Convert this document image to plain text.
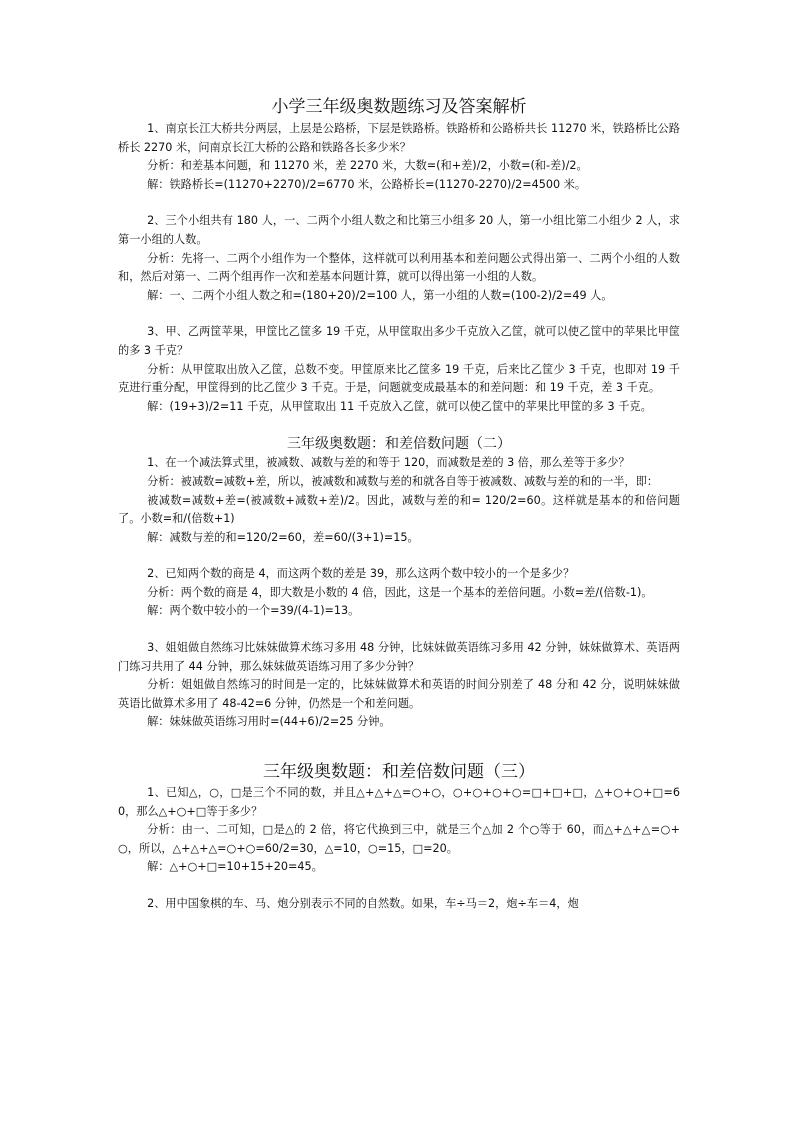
小学三年级奥数题练习及答案解析

1、南京长江大桥共分两层，上层是公路桥，下层是铁路桥。铁路桥和公路桥共长 11270 米，铁路桥比公路桥长 2270 米，问南京长江大桥的公路和铁路各长多少米？

分析：和差基本问题，和 11270 米，差 2270 米，大数=(和+差)/2，小数=(和-差)/2。

解：铁路桥长=(11270+2270)/2=6770 米，公路桥长=(11270-2270)/2=4500 米。

2、三个小组共有 180 人，一、二两个小组人数之和比第三小组多 20 人，第一小组比第二小组少 2 人，求第一小组的人数。

分析：先将一、二两个小组作为一个整体，这样就可以利用基本和差问题公式得出第一、二两个小组的人数和，然后对第一、二两个组再作一次和差基本问题计算，就可以得出第一小组的人数。

解：一、二两个小组人数之和=(180+20)/2=100 人，第一小组的人数=(100-2)/2=49 人。

3、甲、乙两筐苹果，甲筐比乙筐多 19 千克，从甲筐取出多少千克放入乙筐，就可以使乙筐中的苹果比甲筐的多 3 千克？

分析：从甲筐取出放入乙筐，总数不变。甲筐原来比乙筐多 19 千克，后来比乙筐少 3 千克，也即对 19 千克进行重分配，甲筐得到的比乙筐少 3 千克。于是，问题就变成最基本的和差问题：和 19 千克，差 3 千克。

解：(19+3)/2=11 千克，从甲筐取出 11 千克放入乙筐，就可以使乙筐中的苹果比甲筐的多 3 千克。

三年级奥数题：和差倍数问题（二）

1、在一个减法算式里，被减数、减数与差的和等于 120，而减数是差的 3 倍，那么差等于多少？

分析：被减数=减数+差，所以，被减数和减数与差的和就各自等于被减数、减数与差的和的一半，即：

被减数=减数+差=(被减数+减数+差)/2。因此，减数与差的和= 120/2=60。这样就是基本的和倍问题了。小数=和/(倍数+1)

解：减数与差的和=120/2=60，差=60/(3+1)=15。

2、已知两个数的商是 4，而这两个数的差是 39，那么这两个数中较小的一个是多少？

分析：两个数的商是 4，即大数是小数的 4 倍，因此，这是一个基本的差倍问题。小数=差/(倍数-1)。

解：两个数中较小的一个=39/(4-1)=13。

3、姐姐做自然练习比妹妹做算术练习多用 48 分钟，比妹妹做英语练习多用 42 分钟，妹妹做算术、英语两门练习共用了 44 分钟，那么妹妹做英语练习用了多少分钟？

分析：姐姐做自然练习的时间是一定的，比妹妹做算术和英语的时间分别差了 48 分和 42 分，说明妹妹做英语比做算术多用了 48-42=6 分钟，仍然是一个和差问题。

解：妹妹做英语练习用时=(44+6)/2=25 分钟。

三年级奥数题：和差倍数问题（三）

1、已知△，○，□是三个不同的数，并且△+△+△=○+○，○+○+○+○=□+□+□，△+○+○+□=60，那么△+○+□等于多少？

分析：由一、二可知，□是△的 2 倍，将它代换到三中，就是三个△加 2 个○等于 60，而△+△+△=○+○，所以，△+△+△=○+○=60/2=30，△=10，○=15，□=20。

解：△+○+□=10+15+20=45。

2、用中国象棋的车、马、炮分别表示不同的自然数。如果，车÷马＝2，炮÷车＝4，炮
